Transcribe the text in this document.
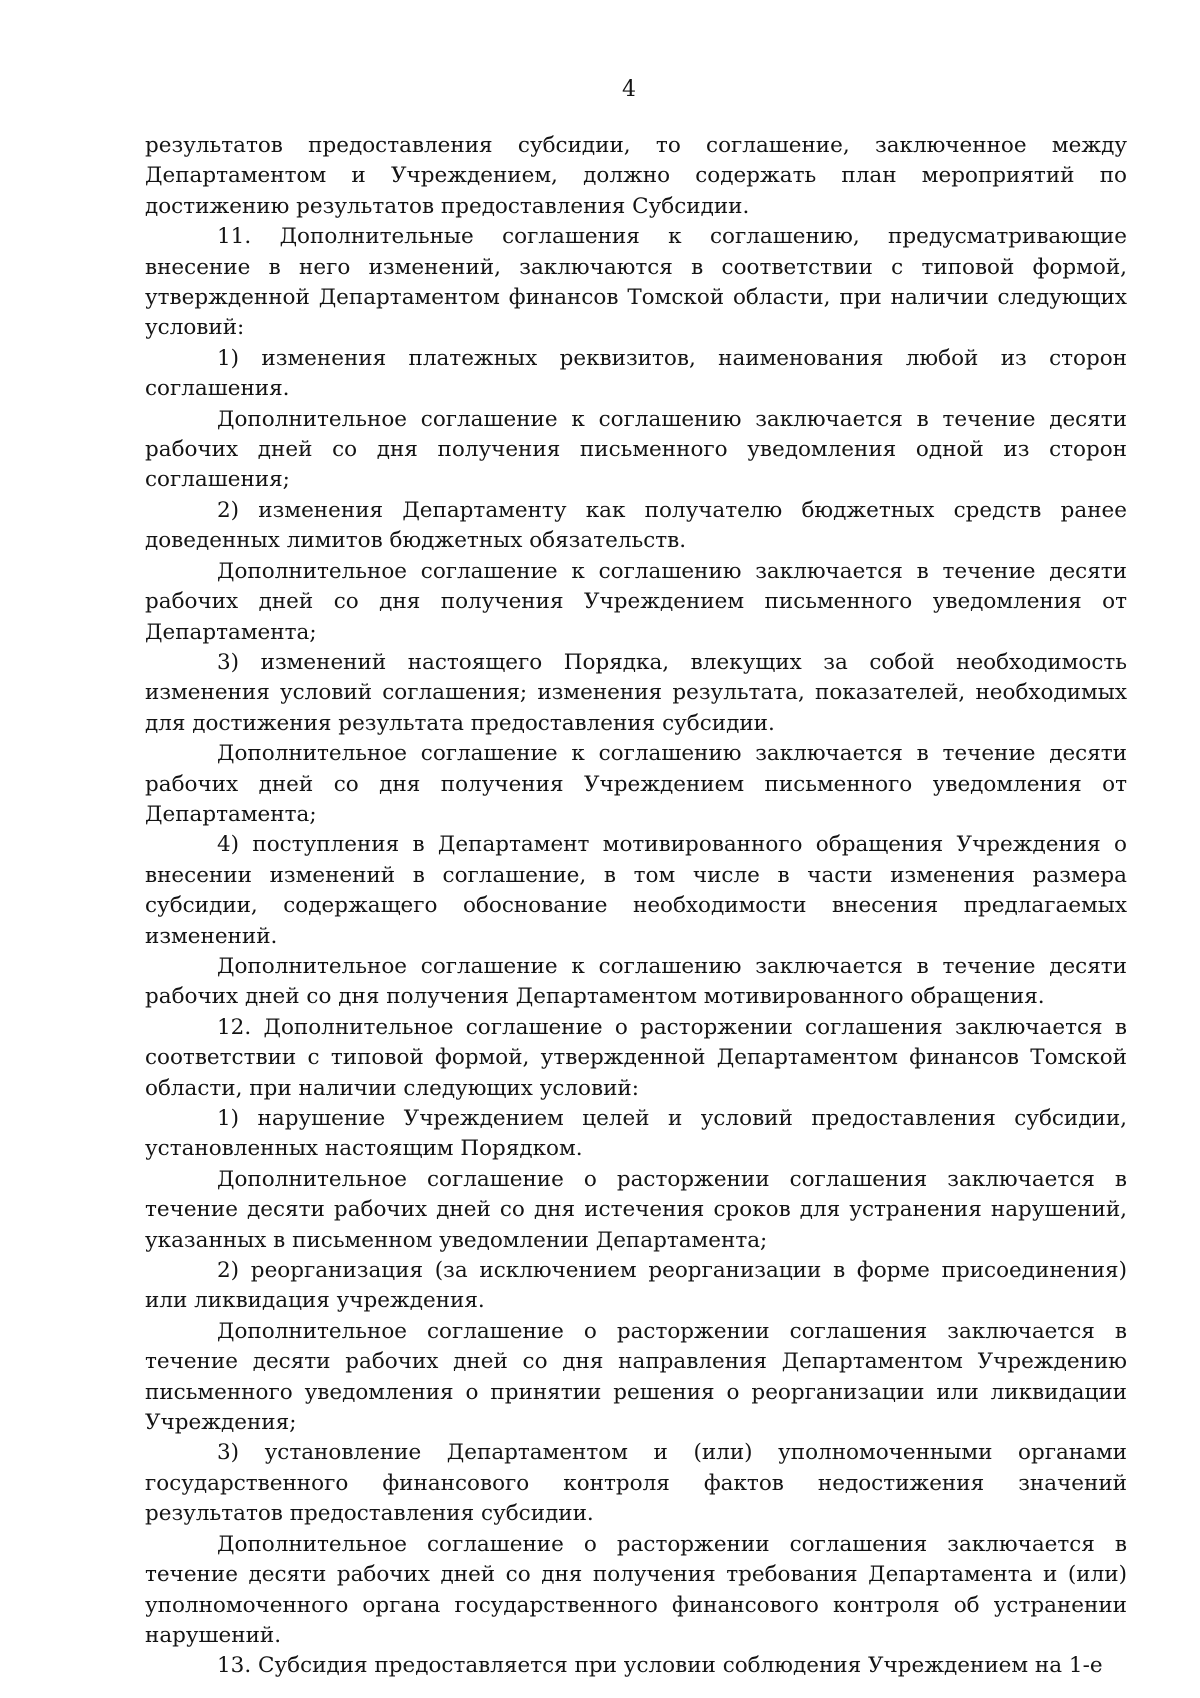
4

результатов предоставления субсидии, то соглашение, заключенное между Департаментом и Учреждением, должно содержать план мероприятий по достижению результатов предоставления Субсидии.

11. Дополнительные соглашения к соглашению, предусматривающие внесение в него изменений, заключаются в соответствии с типовой формой, утвержденной Департаментом финансов Томской области, при наличии следующих условий:

1) изменения платежных реквизитов, наименования любой из сторон соглашения.

Дополнительное соглашение к соглашению заключается в течение десяти рабочих дней со дня получения письменного уведомления одной из сторон соглашения;

2) изменения Департаменту как получателю бюджетных средств ранее доведенных лимитов бюджетных обязательств.

Дополнительное соглашение к соглашению заключается в течение десяти рабочих дней со дня получения Учреждением письменного уведомления от Департамента;

3) изменений настоящего Порядка, влекущих за собой необходимость изменения условий соглашения; изменения результата, показателей, необходимых для достижения результата предоставления субсидии.

Дополнительное соглашение к соглашению заключается в течение десяти рабочих дней со дня получения Учреждением письменного уведомления от Департамента;

4) поступления в Департамент мотивированного обращения Учреждения о внесении изменений в соглашение, в том числе в части изменения размера субсидии, содержащего обоснование необходимости внесения предлагаемых изменений.

Дополнительное соглашение к соглашению заключается в течение десяти рабочих дней со дня получения Департаментом мотивированного обращения.

12. Дополнительное соглашение о расторжении соглашения заключается в соответствии с типовой формой, утвержденной Департаментом финансов Томской области, при наличии следующих условий:

1) нарушение Учреждением целей и условий предоставления субсидии, установленных настоящим Порядком.

Дополнительное соглашение о расторжении соглашения заключается в течение десяти рабочих дней со дня истечения сроков для устранения нарушений, указанных в письменном уведомлении Департамента;

2) реорганизация (за исключением реорганизации в форме присоединения) или ликвидация учреждения.

Дополнительное соглашение о расторжении соглашения заключается в течение десяти рабочих дней со дня направления Департаментом Учреждению письменного уведомления о принятии решения о реорганизации или ликвидации Учреждения;

3) установление Департаментом и (или) уполномоченными органами государственного финансового контроля фактов недостижения значений результатов предоставления субсидии.

Дополнительное соглашение о расторжении соглашения заключается в течение десяти рабочих дней со дня получения требования Департамента и (или) уполномоченного органа государственного финансового контроля об устранении нарушений.

13. Субсидия предоставляется при условии соблюдения Учреждением на 1-е
